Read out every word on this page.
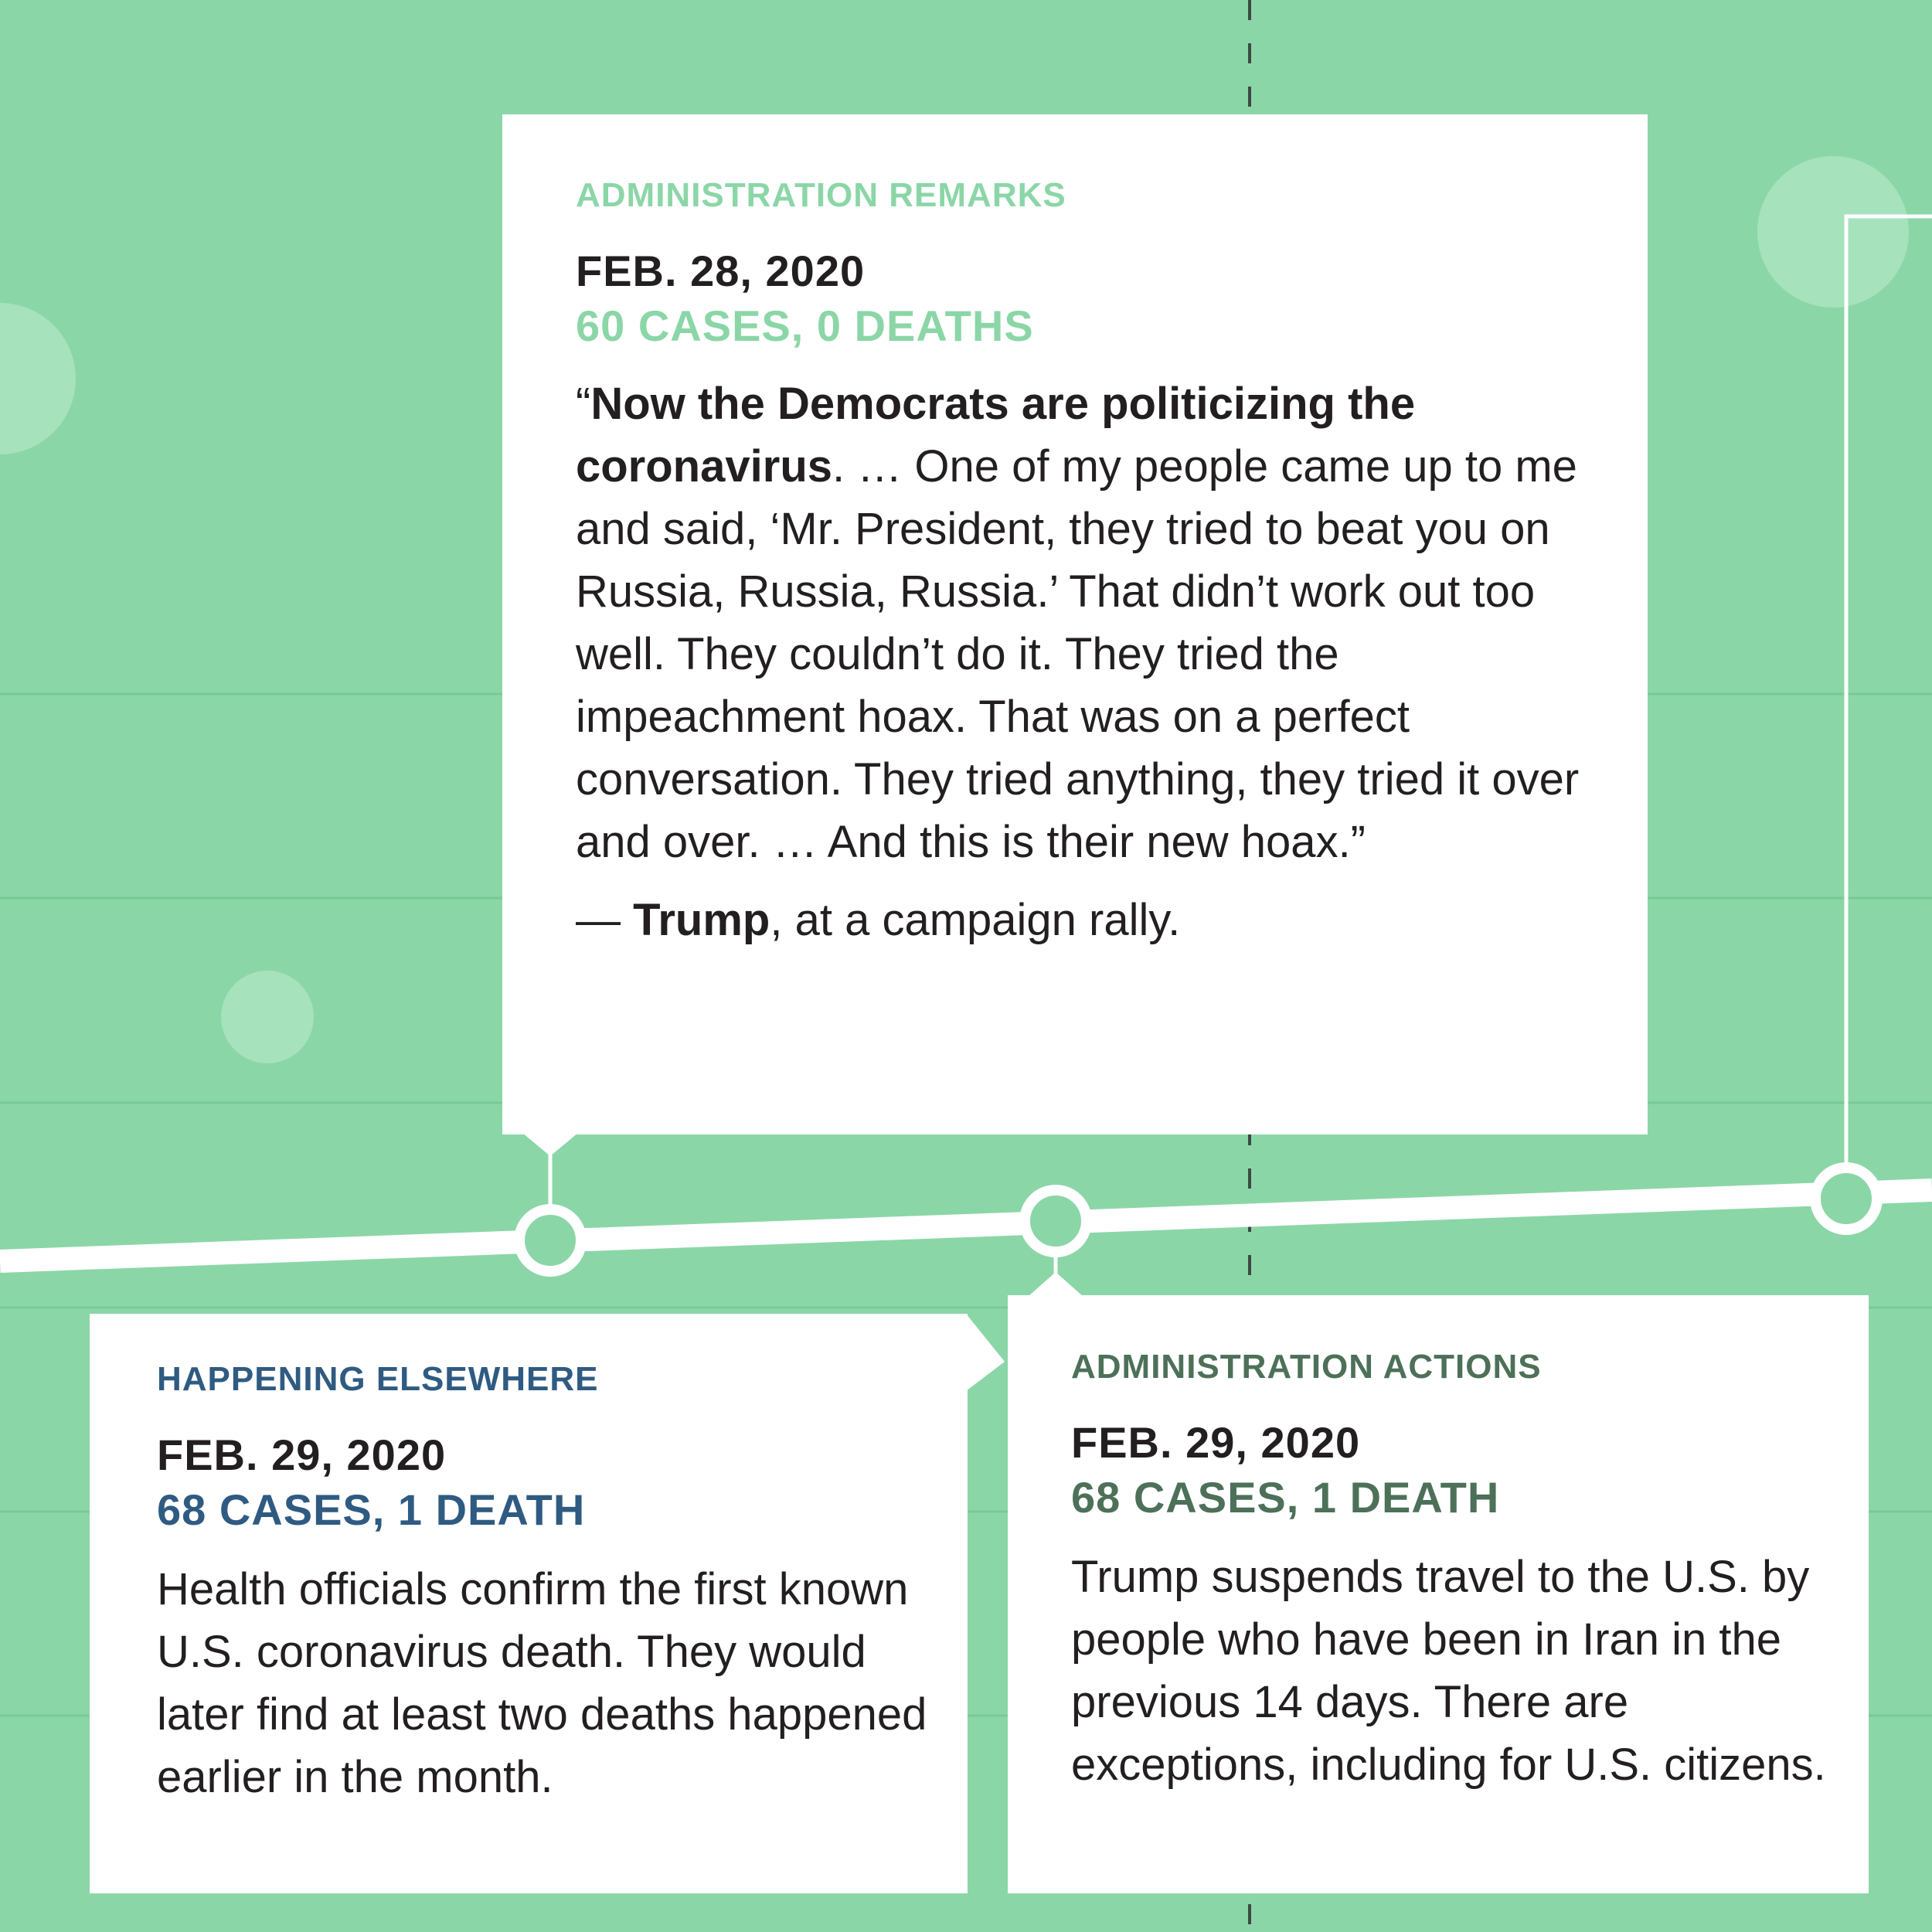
ADMINISTRATION REMARKS

FEB. 28, 2020

60 CASES, 0 DEATHS

“Now the Democrats are politicizing the coronavirus. … One of my people came up to me and said, ‘Mr. President, they tried to beat you on Russia, Russia, Russia.’ That didn’t work out too well. They couldn’t do it. They tried the impeachment hoax. That was on a perfect conversation. They tried anything, they tried it over and over. … And this is their new hoax.”

— Trump, at a campaign rally.

HAPPENING ELSEWHERE

FEB. 29, 2020

68 CASES, 1 DEATH

Health officials confirm the first known U.S. coronavirus death. They would later find at least two deaths happened earlier in the month.

ADMINISTRATION ACTIONS

FEB. 29, 2020

68 CASES, 1 DEATH

Trump suspends travel to the U.S. by people who have been in Iran in the previous 14 days. There are exceptions, including for U.S. citizens.
